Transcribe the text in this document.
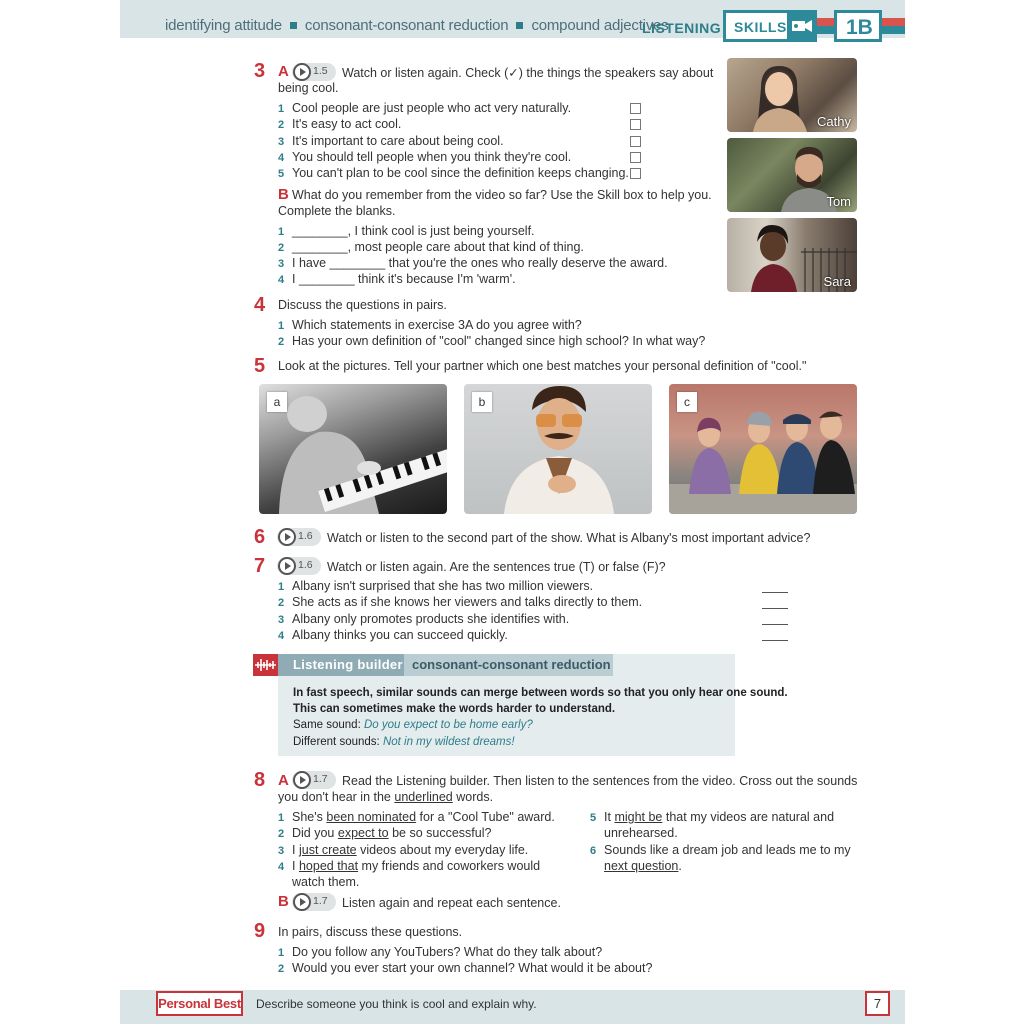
identifying attitude consonant-consonant reduction compound adjectives
LISTENING SKILLS	1B
3 A 1.5 Watch or listen again. Check (✓) the things the speakers say about
being cool.
1 Cool people are just people who act very naturally.
2 It's easy to act cool.
3 It's important to care about being cool.
4 You should tell people when you think they're cool.
5 You can't plan to be cool since the definition keeps changing.
B What do you remember from the video so far? Use the Skill box to help you.
Complete the blanks.
1 ________, I think cool is just being yourself.
2 ________, most people care about that kind of thing.
3 I have ________ that you're the ones who really deserve the award.
4 I ________ think it's because I'm 'warm'.
Cathy
Tom
Sara
4 Discuss the questions in pairs.
1 Which statements in exercise 3A do you agree with?
2 Has your own definition of "cool" changed since high school? In what way?
5 Look at the pictures. Tell your partner which one best matches your personal definition of "cool."
a	b	c
6	1.6 Watch or listen to the second part of the show. What is Albany's most important advice?
7	1.6 Watch or listen again. Are the sentences true (T) or false (F)?
1 Albany isn't surprised that she has two million viewers.
2 She acts as if she knows her viewers and talks directly to them.
3 Albany only promotes products she identifies with.
4 Albany thinks you can succeed quickly.
Listening builder consonant-consonant reduction
In fast speech, similar sounds can merge between words so that you only hear one sound.
This can sometimes make the words harder to understand.
Same sound: Do you expect to be home early?
Different sounds: Not in my wildest dreams!
8 A 1.7 Read the Listening builder. Then listen to the sentences from the video. Cross out the sounds
you don't hear in the underlined words.
1 She's been nominated for a "Cool Tube" award.
2 Did you expect to be so successful?
3 I just create videos about my everyday life.
4 I hoped that my friends and coworkers would
watch them.
5 It might be that my videos are natural and
unrehearsed.
6 Sounds like a dream job and leads me to my
next question.
B 1.7 Listen again and repeat each sentence.
9 In pairs, discuss these questions.
1 Do you follow any YouTubers? What do they talk about?
2 Would you ever start your own channel? What would it be about?
Personal Best Describe someone you think is cool and explain why.	7
